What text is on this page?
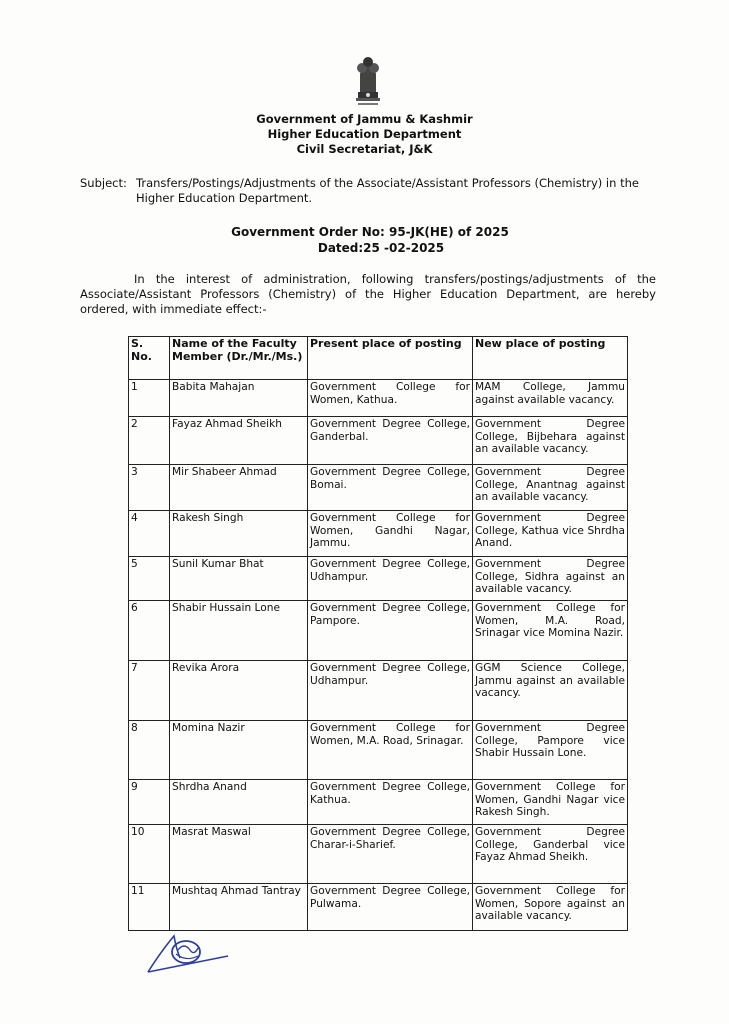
Government of Jammu & Kashmir
Higher Education Department
Civil Secretariat, J&K
Subject: Transfers/Postings/Adjustments of the Associate/Assistant Professors (Chemistry) in the Higher Education Department.
Government Order No: 95-JK(HE) of 2025
Dated:25 -02-2025
In the interest of administration, following transfers/postings/adjustments of the Associate/Assistant Professors (Chemistry) of the Higher Education Department, are hereby ordered, with immediate effect:-
S. No.	Name of the Faculty Member (Dr./Mr./Ms.)	Present place of posting	New place of posting
1	Babita Mahajan	Government College for Women, Kathua.	MAM College, Jammu against available vacancy.
2	Fayaz Ahmad Sheikh	Government Degree College, Ganderbal.	Government Degree College, Bijbehara against an available vacancy.
3	Mir Shabeer Ahmad	Government Degree College, Bomai.	Government Degree College, Anantnag against an available vacancy.
4	Rakesh Singh	Government College for Women, Gandhi Nagar, Jammu.	Government Degree College, Kathua vice Shrdha Anand.
5	Sunil Kumar Bhat	Government Degree College, Udhampur.	Government Degree College, Sidhra against an available vacancy.
6	Shabir Hussain Lone	Government Degree College, Pampore.	Government College for Women, M.A. Road, Srinagar vice Momina Nazir.
7	Revika Arora	Government Degree College, Udhampur.	GGM Science College, Jammu against an available vacancy.
8	Momina Nazir	Government College for Women, M.A. Road, Srinagar.	Government Degree College, Pampore vice Shabir Hussain Lone.
9	Shrdha Anand	Government Degree College, Kathua.	Government College for Women, Gandhi Nagar vice Rakesh Singh.
10	Masrat Maswal	Government Degree College, Charar-i-Sharief.	Government Degree College, Ganderbal vice Fayaz Ahmad Sheikh.
11	Mushtaq Ahmad Tantray	Government Degree College, Pulwama.	Government College for Women, Sopore against an available vacancy.
